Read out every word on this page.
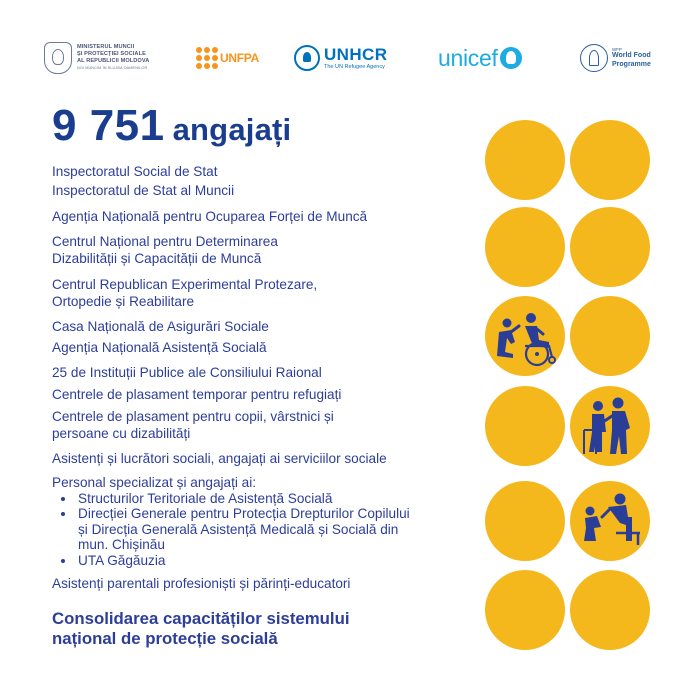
MINISTERUL MUNCII
ȘI PROTECȚIEI SOCIALE
AL REPUBLICII MOLDOVA
NOI MUNCIM ÎN SLUJBA OAMENILOR
UNFPA	UNHCR
The UN Refugee Agency unicef	WFP
World Food
Programme
9 751 angajați
Inspectoratul Social de Stat
Inspectoratul de Stat al Muncii
Agenția Națională pentru Ocuparea Forței de Muncă
Centrul Național pentru Determinarea
Dizabilității și Capacității de Muncă
Centrul Republican Experimental Protezare,
Ortopedie și Reabilitare
Casa Națională de Asigurări Sociale
Agenția Națională Asistență Socială
25 de Instituții Publice ale Consiliului Raional
Centrele de plasament temporar pentru refugiați
Centrele de plasament pentru copii, vârstnici și
persoane cu dizabilități
Asistenți și lucrători sociali, angajați ai serviciilor sociale
Personal specializat și angajați ai:
Structurilor Teritoriale de Asistență Socială
Direcției Generale pentru Protecția Drepturilor Copilului
și Direcția Generală Asistență Medicală și Socială din
mun. Chișinău
UTA Găgăuzia
Asistenți parentali profesioniști și părinți-educatori
Consolidarea capacităților sistemului
național de protecție socială
